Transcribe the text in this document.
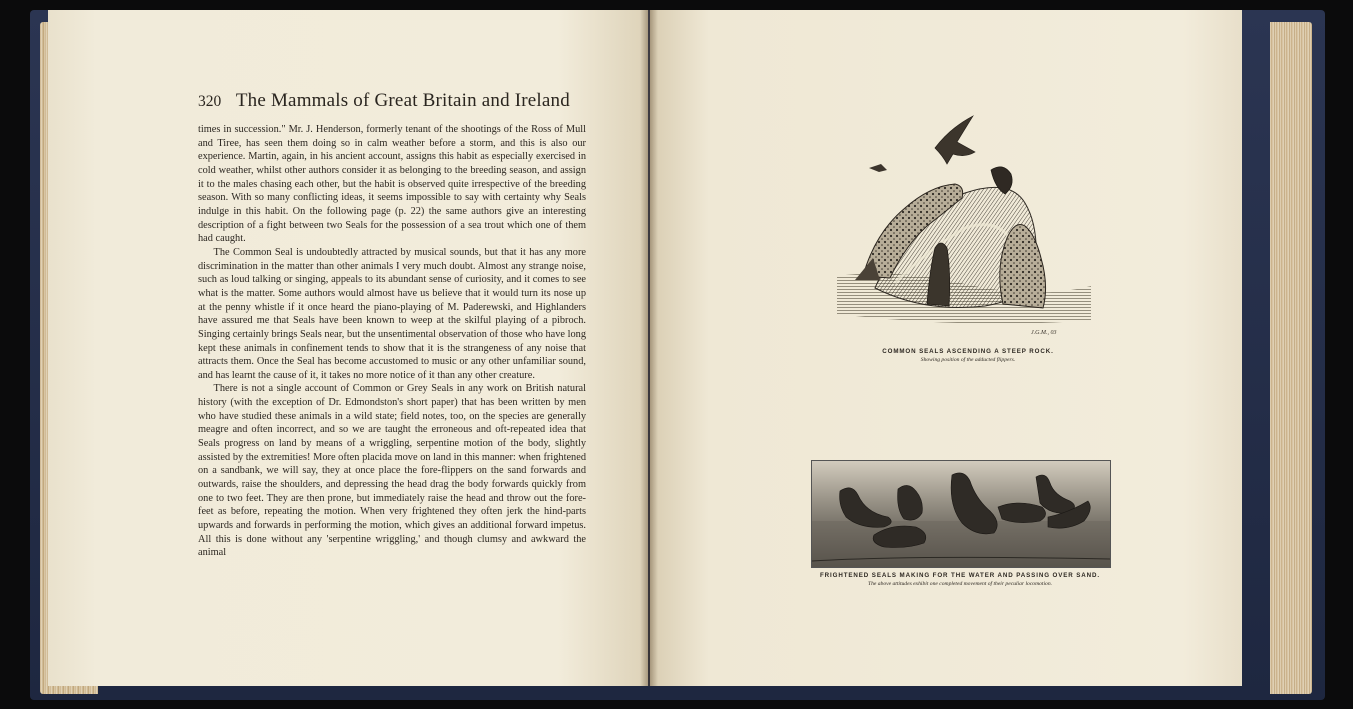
320 The Mammals of Great Britain and Ireland

times in succession." Mr. J. Henderson, formerly tenant of the shootings of the Ross of Mull and Tiree, has seen them doing so in calm weather before a storm, and this is also our experience. Martin, again, in his ancient account, assigns this habit as especially exercised in cold weather, whilst other authors consider it as belonging to the breeding season, and assign it to the males chasing each other, but the habit is observed quite irrespective of the breeding season. With so many conflicting ideas, it seems impossible to say with certainty why Seals indulge in this habit. On the following page (p. 22) the same authors give an interesting description of a fight between two Seals for the possession of a sea trout which one of them had caught.

The Common Seal is undoubtedly attracted by musical sounds, but that it has any more discrimination in the matter than other animals I very much doubt. Almost any strange noise, such as loud talking or singing, appeals to its abundant sense of curiosity, and it comes to see what is the matter. Some authors would almost have us believe that it would turn its nose up at the penny whistle if it once heard the piano-playing of M. Paderewski, and Highlanders have assured me that Seals have been known to weep at the skilful playing of a pibroch. Singing certainly brings Seals near, but the unsentimental observation of those who have long kept these animals in confinement tends to show that it is the strangeness of any noise that attracts them. Once the Seal has become accustomed to music or any other unfamiliar sound, and has learnt the cause of it, it takes no more notice of it than any other creature.

There is not a single account of Common or Grey Seals in any work on British natural history (with the exception of Dr. Edmondston's short paper) that has been written by men who have studied these animals in a wild state; field notes, too, on the species are generally meagre and often incorrect, and so we are taught the erroneous and oft-repeated idea that Seals progress on land by means of a wriggling, serpentine motion of the body, slightly assisted by the extremities! More often placida move on land in this manner: when frightened on a sandbank, we will say, they at once place the fore-flippers on the sand forwards and outwards, raise the shoulders, and depressing the head drag the body forwards quickly from one to two feet. They are then prone, but immediately raise the head and throw out the fore-feet as before, repeating the motion. When very frightened they often jerk the hind-parts upwards and forwards in performing the motion, which gives an additional forward impetus. All this is done without any 'serpentine wriggling,' and though clumsy and awkward the animal

J.G.M., 03
COMMON SEALS ASCENDING A STEEP ROCK.
Showing position of the adducted flippers.
FRIGHTENED SEALS MAKING FOR THE WATER AND PASSING OVER SAND.
The above attitudes exhibit one completed movement of their peculiar locomotion.
